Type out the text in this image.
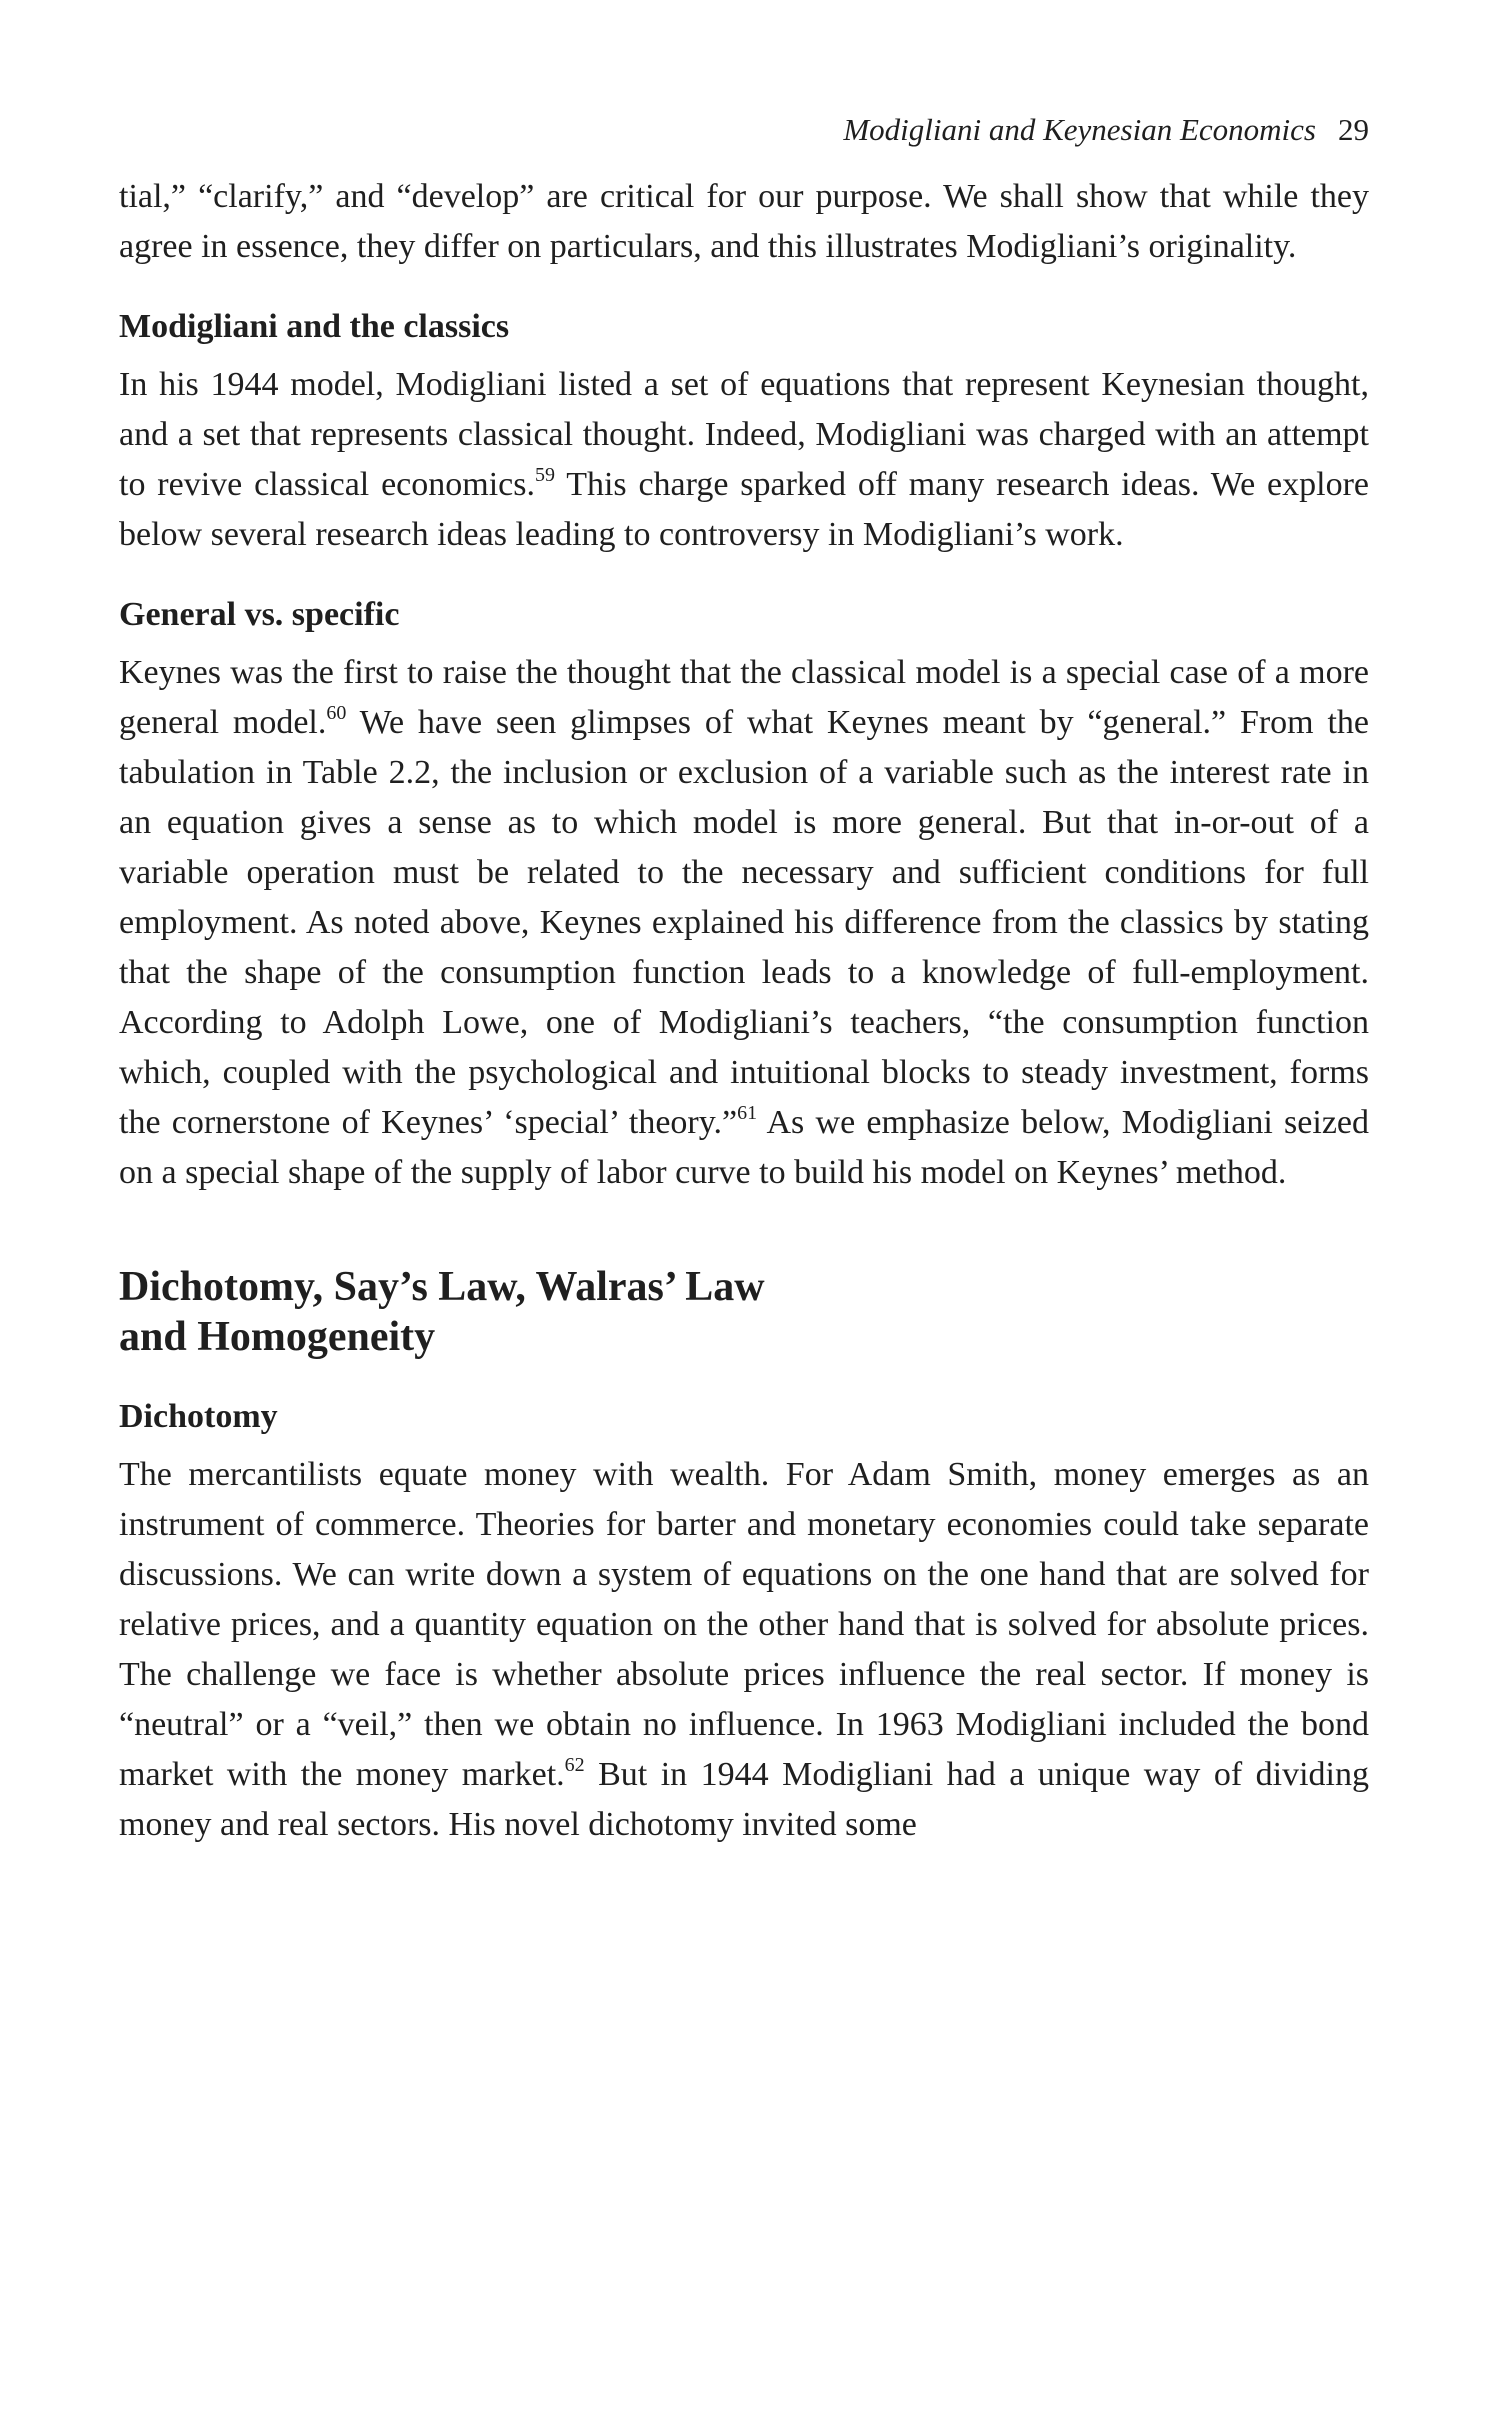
Modigliani and Keynesian Economics 29

tial,” “clarify,” and “develop” are critical for our purpose. We shall show that while they agree in essence, they differ on particulars, and this illustrates Modigliani’s originality.

Modigliani and the classics

In his 1944 model, Modigliani listed a set of equations that represent Keynesian thought, and a set that represents classical thought. Indeed, Modigliani was charged with an attempt to revive classical economics.$^{59}$ This charge sparked off many research ideas. We explore below several research ideas leading to controversy in Modigliani’s work.

General vs. specific

Keynes was the first to raise the thought that the classical model is a special case of a more general model.$^{60}$ We have seen glimpses of what Keynes meant by “general.” From the tabulation in Table 2.2, the inclusion or exclusion of a variable such as the interest rate in an equation gives a sense as to which model is more general. But that in-or-out of a variable operation must be related to the necessary and sufficient conditions for full employment. As noted above, Keynes explained his difference from the classics by stating that the shape of the consumption function leads to a knowledge of full-employment. According to Adolph Lowe, one of Modigliani’s teachers, “the consumption function which, coupled with the psychological and intuitional blocks to steady investment, forms the cornerstone of Keynes’ ‘special’ theory.”$^{61}$ As we emphasize below, Modigliani seized on a special shape of the supply of labor curve to build his model on Keynes’ method.

Dichotomy, Say’s Law, Walras’ Law
and Homogeneity
Dichotomy

The mercantilists equate money with wealth. For Adam Smith, money emerges as an instrument of commerce. Theories for barter and monetary economies could take separate discussions. We can write down a system of equations on the one hand that are solved for relative prices, and a quantity equation on the other hand that is solved for absolute prices. The challenge we face is whether absolute prices influence the real sector. If money is “neutral” or a “veil,” then we obtain no influence. In 1963 Modigliani included the bond market with the money market.$^{62}$ But in 1944 Modigliani had a unique way of dividing money and real sectors. His novel dichotomy invited some
